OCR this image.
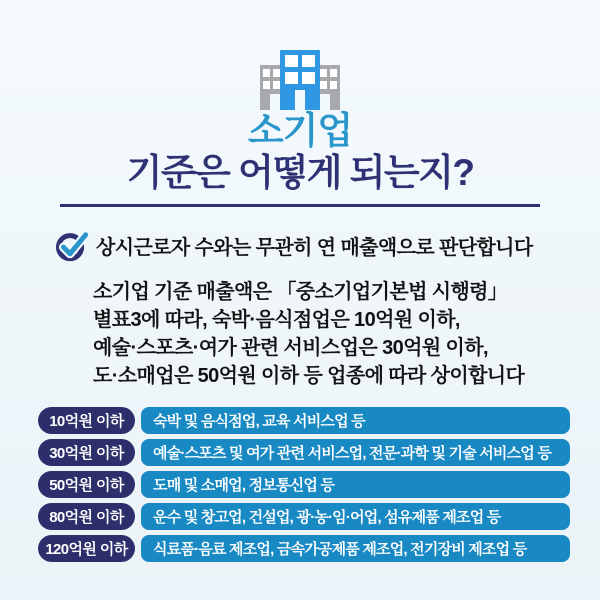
소기업
기준은 어떻게 되는지?
상시근로자 수와는 무관히 연 매출액으로 판단합니다
소기업 기준 매출액은 「중소기업기본법 시행령」
별표3에 따라, 숙박·음식점업은 10억원 이하,
예술·스포츠·여가 관련 서비스업은 30억원 이하,
도·소매업은 50억원 이하 등 업종에 따라 상이합니다
10억원 이하	숙박 및 음식점업, 교육 서비스업 등
30억원 이하	예술·스포츠 및 여가 관련 서비스업, 전문·과학 및 기술 서비스업 등
50억원 이하	도매 및 소매업, 정보통신업 등
80억원 이하	운수 및 창고업, 건설업, 광·농·임·어업, 섬유제품 제조업 등
120억원 이하	식료품·음료 제조업, 금속가공제품 제조업, 전기장비 제조업 등
